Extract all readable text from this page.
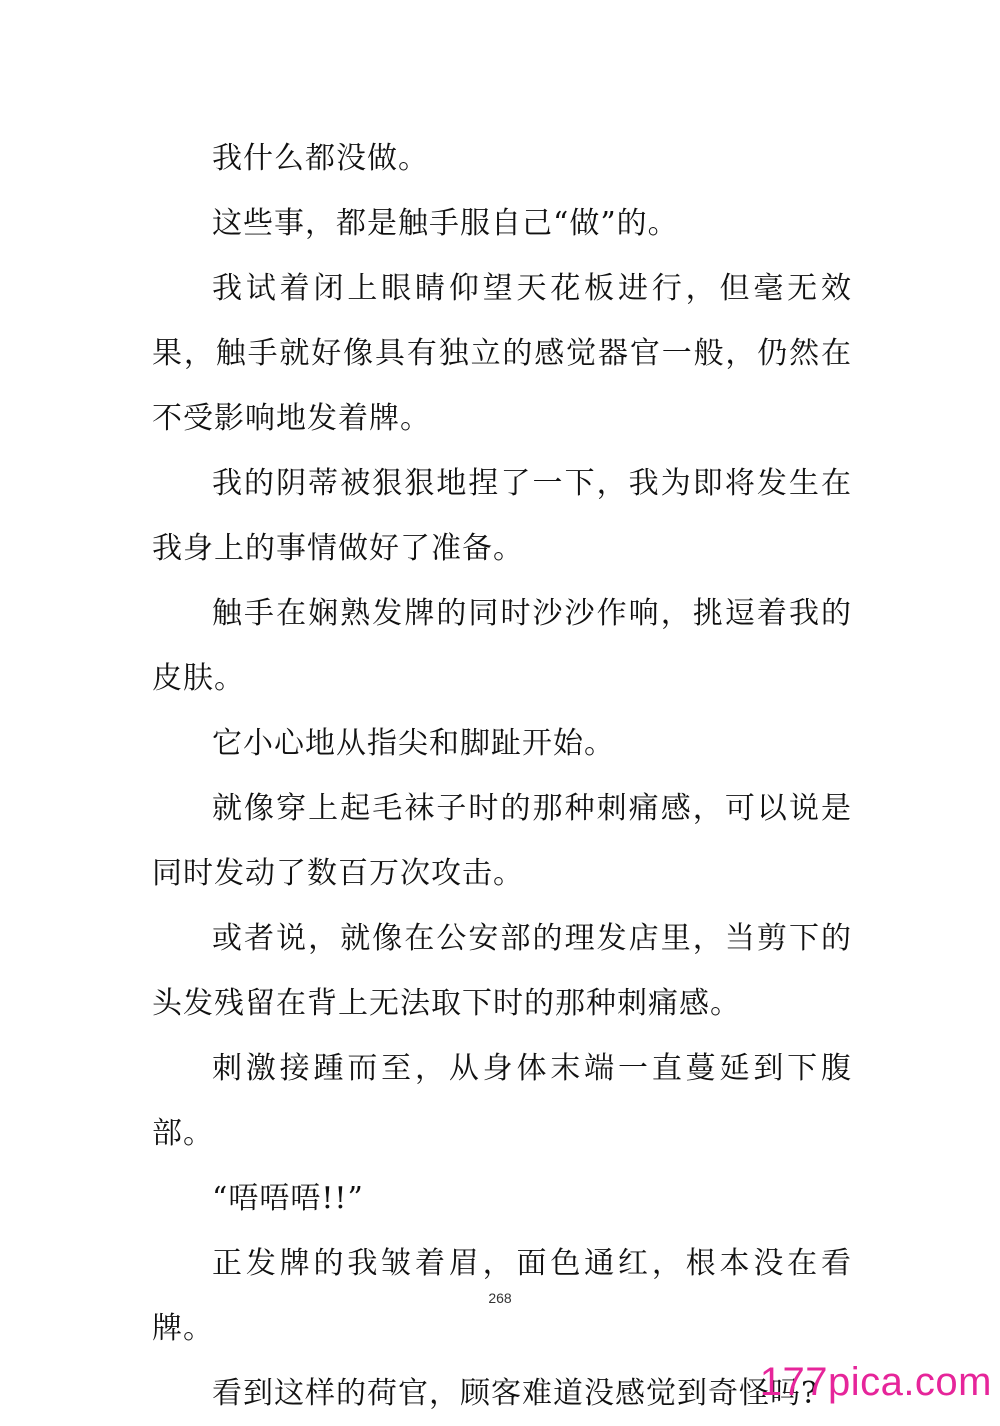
我什么都没做。

这些事，都是触手服自己“做”的。

我试着闭上眼睛仰望天花板进行，但毫无效果，触手就好像具有独立的感觉器官一般，仍然在不受影响地发着牌。

我的阴蒂被狠狠地捏了一下，我为即将发生在我身上的事情做好了准备。

触手在娴熟发牌的同时沙沙作响，挑逗着我的皮肤。

它小心地从指尖和脚趾开始。

就像穿上起毛袜子时的那种刺痛感，可以说是同时发动了数百万次攻击。

或者说，就像在公安部的理发店里，当剪下的头发残留在背上无法取下时的那种刺痛感。

刺激接踵而至，从身体末端一直蔓延到下腹部。

“唔唔唔!!”

正发牌的我皱着眉，面色通红，根本没在看牌。

看到这样的荷官，顾客难道没感觉到奇怪吗?

268
177pica.com
